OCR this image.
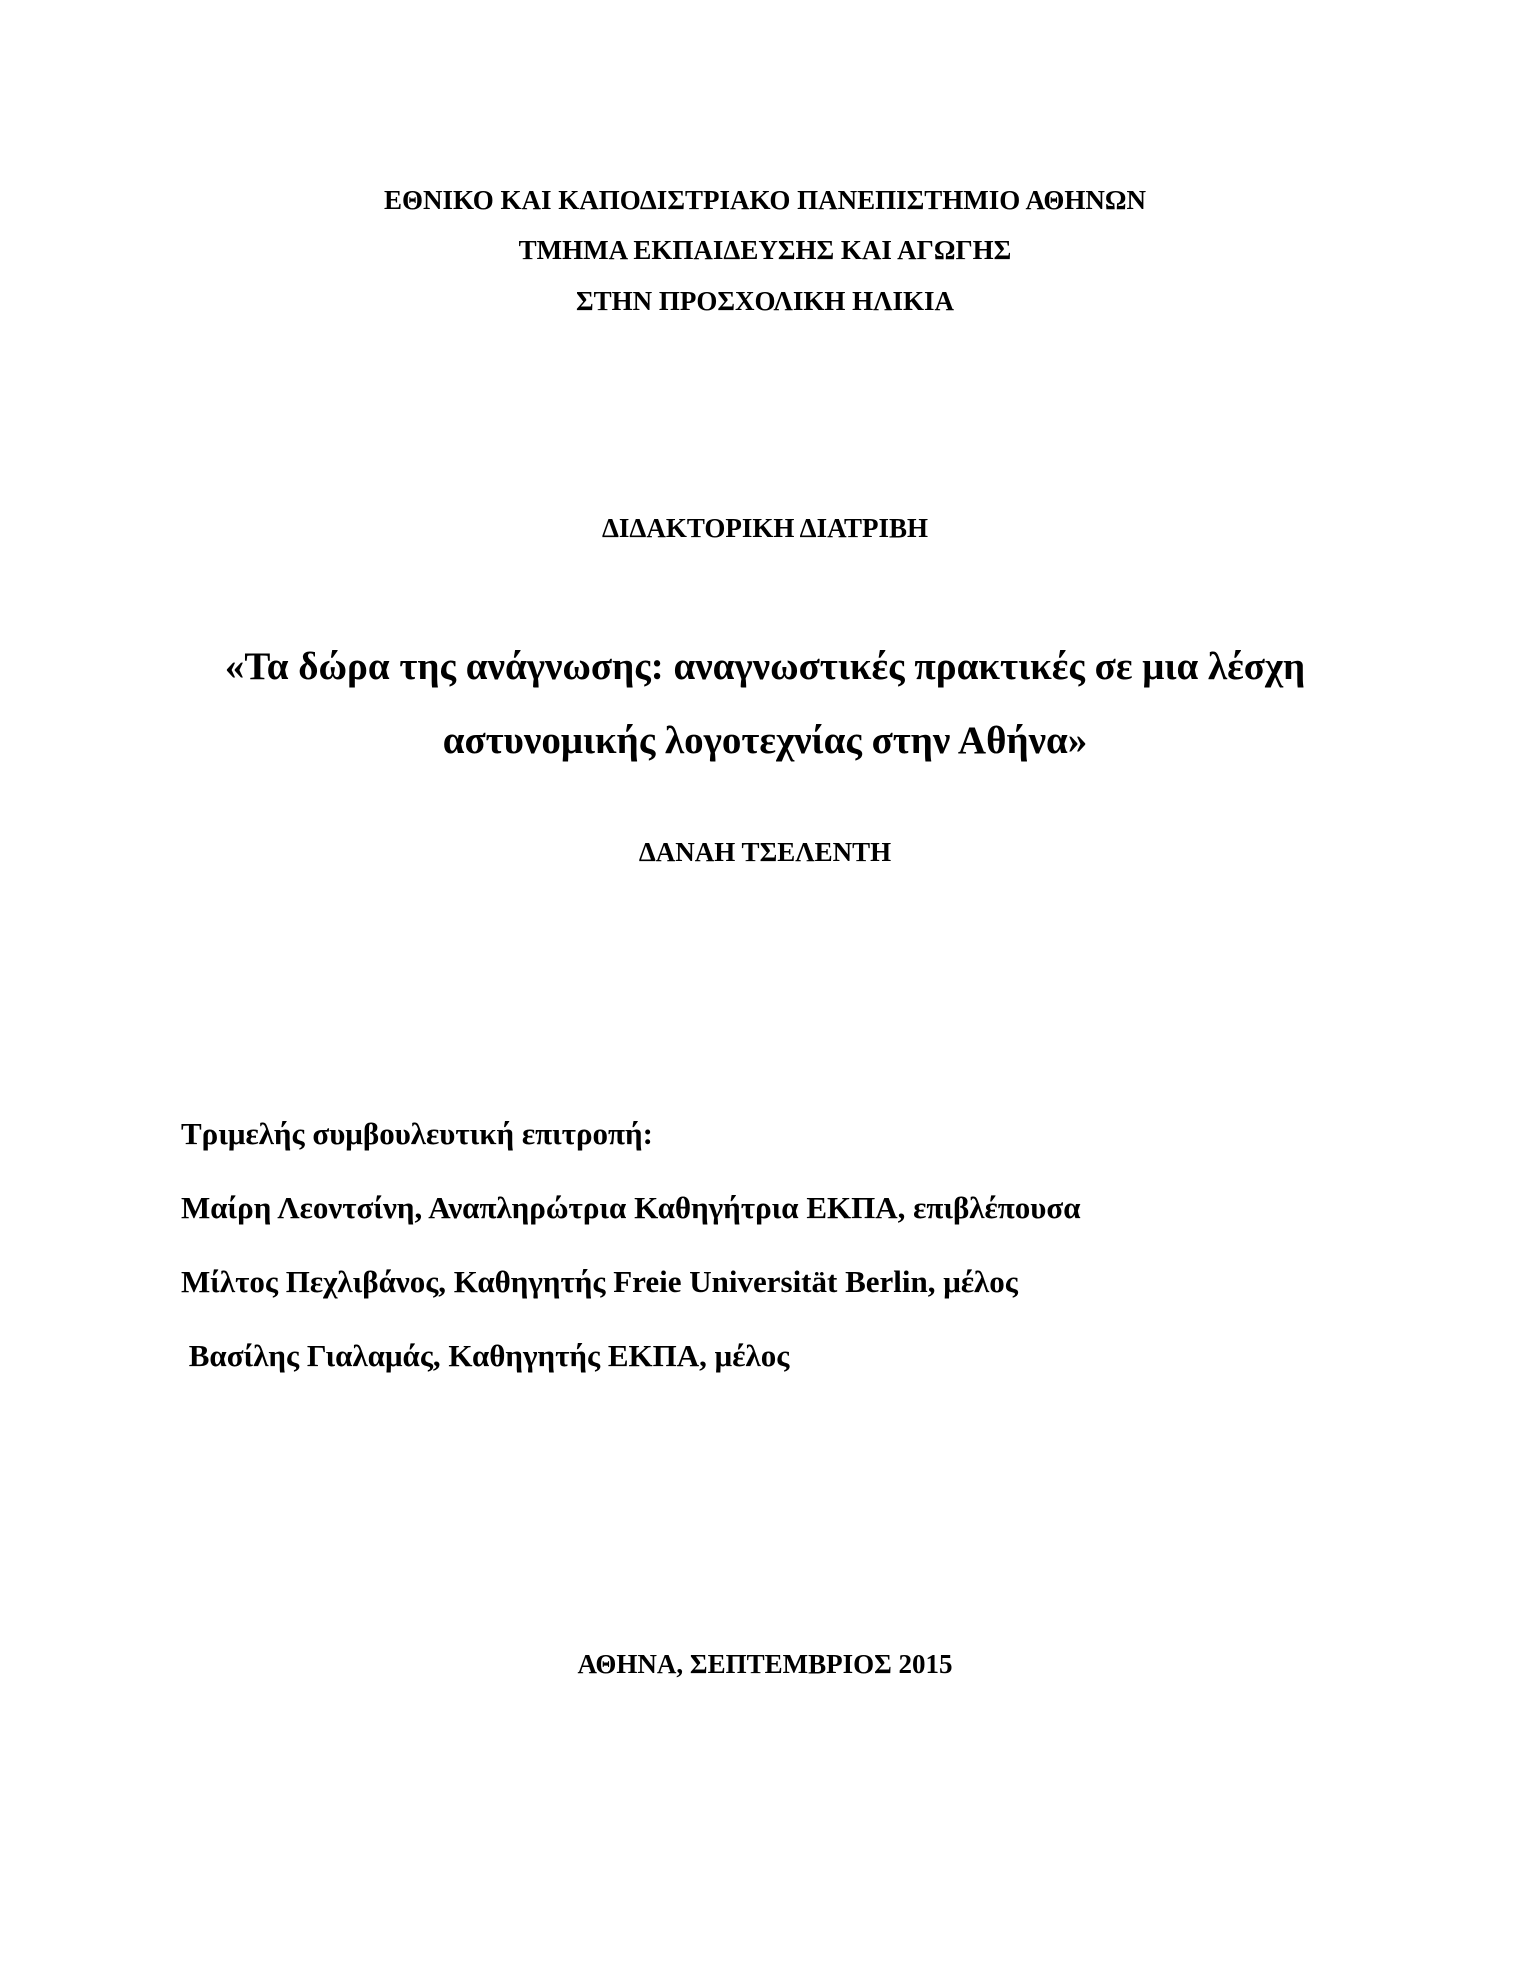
ΕΘΝΙΚΟ ΚΑΙ ΚΑΠΟΔΙΣΤΡΙΑΚΟ ΠΑΝΕΠΙΣΤΗΜΙΟ ΑΘΗΝΩΝ
ΤΜΗΜΑ ΕΚΠΑΙΔΕΥΣΗΣ ΚΑΙ ΑΓΩΓΗΣ
ΣΤΗΝ ΠΡΟΣΧΟΛΙΚΗ ΗΛΙΚΙΑ
ΔΙΔΑΚΤΟΡΙΚΗ ΔΙΑΤΡΙΒΗ
«Τα δώρα της ανάγνωσης: αναγνωστικές πρακτικές σε μια λέσχη
αστυνομικής λογοτεχνίας στην Αθήνα»
ΔΑΝΑΗ ΤΣΕΛΕΝΤΗ
Τριμελής συμβουλευτική επιτροπή:
Μαίρη Λεοντσίνη, Αναπληρώτρια Καθηγήτρια ΕΚΠΑ, επιβλέπουσα
Μίλτος Πεχλιβάνος, Καθηγητής Freie Universität Berlin, μέλος
Βασίλης Γιαλαμάς, Καθηγητής ΕΚΠΑ, μέλος
ΑΘΗΝΑ, ΣΕΠΤΕΜΒΡΙΟΣ 2015
